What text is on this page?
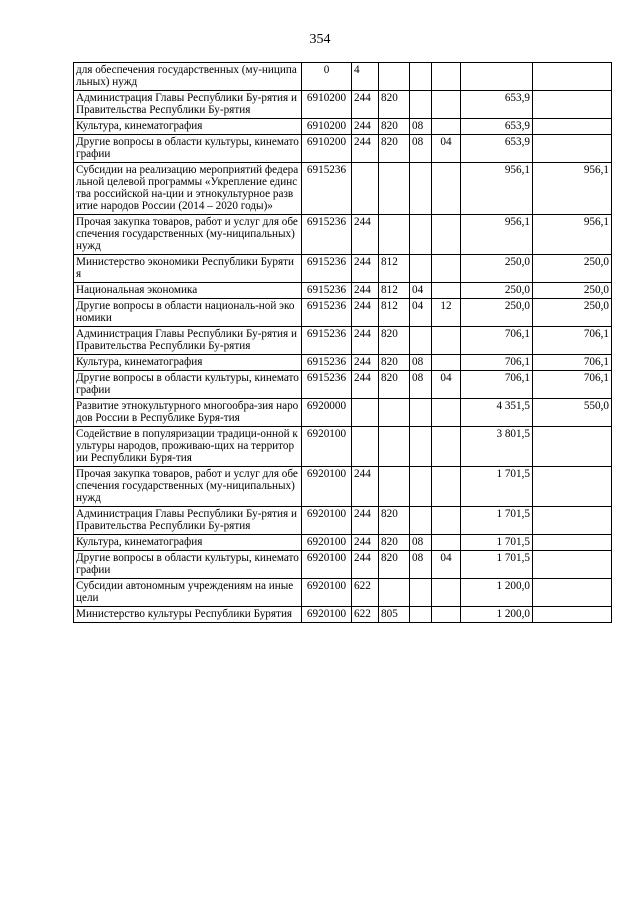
354
для обеспечения государственных (му-ниципальных) нужд	0	4					
Администрация Главы Республики Бу-рятия и Правительства Республики Бу-рятия	6910200	244	820			653,9	
Культура, кинематография	6910200	244	820	08		653,9	
Другие вопросы в области культуры, кинематографии	6910200	244	820	08	04	653,9	
Субсидии на реализацию мероприятий федеральной целевой программы «Укрепление единства российской на-ции и этнокультурное развитие народов России (2014 – 2020 годы)»	6915236					956,1	956,1
Прочая закупка товаров, работ и услуг для обеспечения государственных (му-ниципальных) нужд	6915236	244				956,1	956,1
Министерство экономики Республики Бурятия	6915236	244	812			250,0	250,0
Национальная экономика	6915236	244	812	04		250,0	250,0
Другие вопросы в области националь-ной экономики	6915236	244	812	04	12	250,0	250,0
Администрация Главы Республики Бу-рятия и Правительства Республики Бу-рятия	6915236	244	820			706,1	706,1
Культура, кинематография	6915236	244	820	08		706,1	706,1
Другие вопросы в области культуры, кинематографии	6915236	244	820	08	04	706,1	706,1
Развитие этнокультурного многообра-зия народов России в Республике Буря-тия	6920000					4 351,5	550,0
Содействие в популяризации традици-онной культуры народов, проживаю-щих на территории Республики Буря-тия	6920100					3 801,5	
Прочая закупка товаров, работ и услуг для обеспечения государственных (му-ниципальных) нужд	6920100	244				1 701,5	
Администрация Главы Республики Бу-рятия и Правительства Республики Бу-рятия	6920100	244	820			1 701,5	
Культура, кинематография	6920100	244	820	08		1 701,5	
Другие вопросы в области культуры, кинематографии	6920100	244	820	08	04	1 701,5	
Субсидии автономным учреждениям на иные цели	6920100	622				1 200,0	
Министерство культуры Республики Бурятия	6920100	622	805			1 200,0	
